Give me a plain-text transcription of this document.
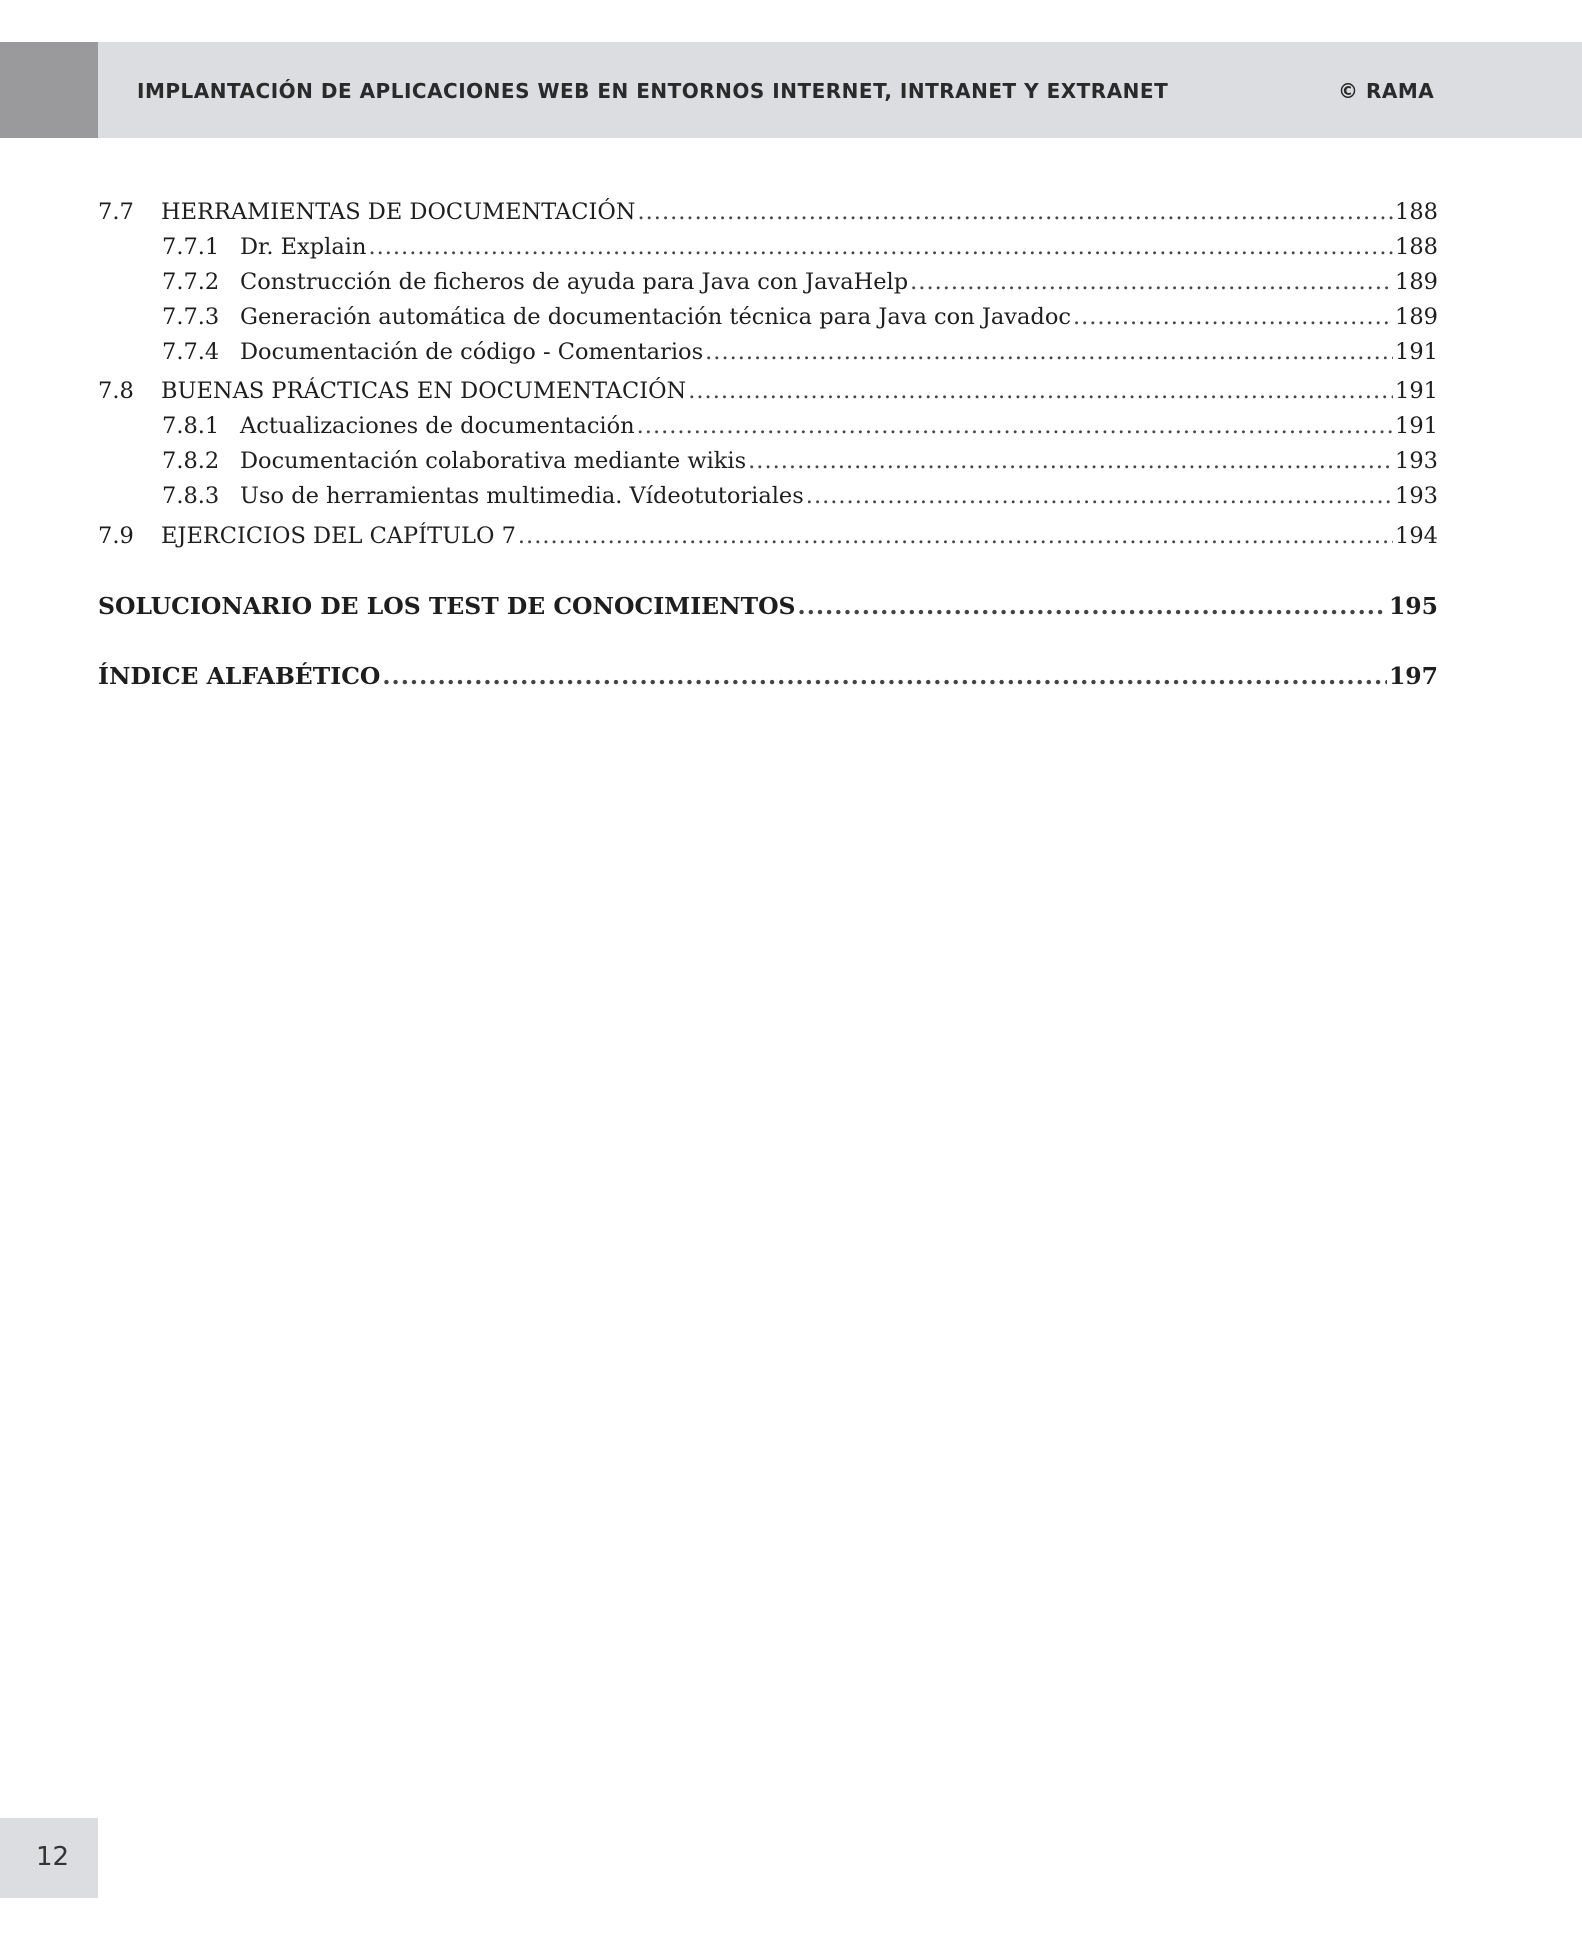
IMPLANTACIÓN DE APLICACIONES WEB EN ENTORNOS INTERNET, INTRANET Y EXTRANET	© RAMA
7.7	HERRAMIENTAS DE DOCUMENTACIÓN .....	188
7.7.1 Dr. Explain .....	188
7.7.2 Construcción de ficheros de ayuda para Java con JavaHelp .....	189
7.7.3 Generación automática de documentación técnica para Java con Javadoc .....	189
7.7.4 Documentación de código - Comentarios .....	191
7.8	BUENAS PRÁCTICAS EN DOCUMENTACIÓN .....	191
7.8.1 Actualizaciones de documentación .....	191
7.8.2 Documentación colaborativa mediante wikis .....	193
7.8.3 Uso de herramientas multimedia. Vídeotutoriales .....	193
7.9	EJERCICIOS DEL CAPÍTULO 7 .....	194
SOLUCIONARIO DE LOS TEST DE CONOCIMIENTOS .....	195
ÍNDICE ALFABÉTICO .....	197
12
